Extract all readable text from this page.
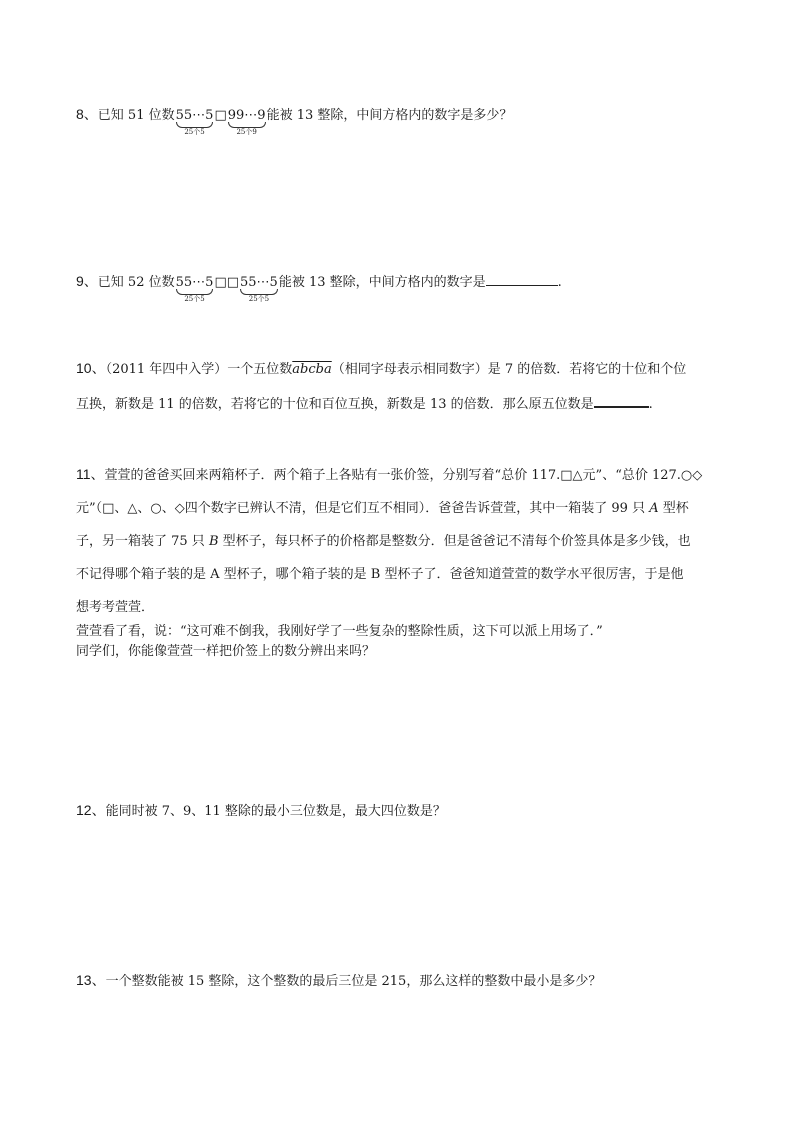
8、已知 51 位数55⋯5
25个5
□99⋯9
25个9
能被 13 整除，中间方格内的数字是多少？
9、已知 52 位数55⋯5
25个5
□□55⋯5
25个5
能被 13 整除，中间方格内的数字是	.
10、（2011 年四中入学）一个五位数abcba（相同字母表示相同数字）是 7 的倍数．若将它的十位和个位
互换，新数是 11 的倍数，若将它的十位和百位互换，新数是 13 的倍数．那么原五位数是	.
11、萱萱的爸爸买回来两箱杯子．两个箱子上各贴有一张价签，分别写着“总价 117.□△元”、“总价 127.○◇
元”（□、△、○、◇四个数字已辨认不清，但是它们互不相同）．爸爸告诉萱萱，其中一箱装了 99 只 A 型杯
子，另一箱装了 75 只 B 型杯子，每只杯子的价格都是整数分．但是爸爸记不清每个价签具体是多少钱，也
不记得哪个箱子装的是 A 型杯子，哪个箱子装的是 B 型杯子了．爸爸知道萱萱的数学水平很厉害，于是他
想考考萱萱．
萱萱看了看，说：“这可难不倒我，我刚好学了一些复杂的整除性质，这下可以派上用场了．”
同学们，你能像萱萱一样把价签上的数分辨出来吗？
12、能同时被 7、9、11 整除的最小三位数是，最大四位数是？
13、一个整数能被 15 整除，这个整数的最后三位是 215，那么这样的整数中最小是多少？
